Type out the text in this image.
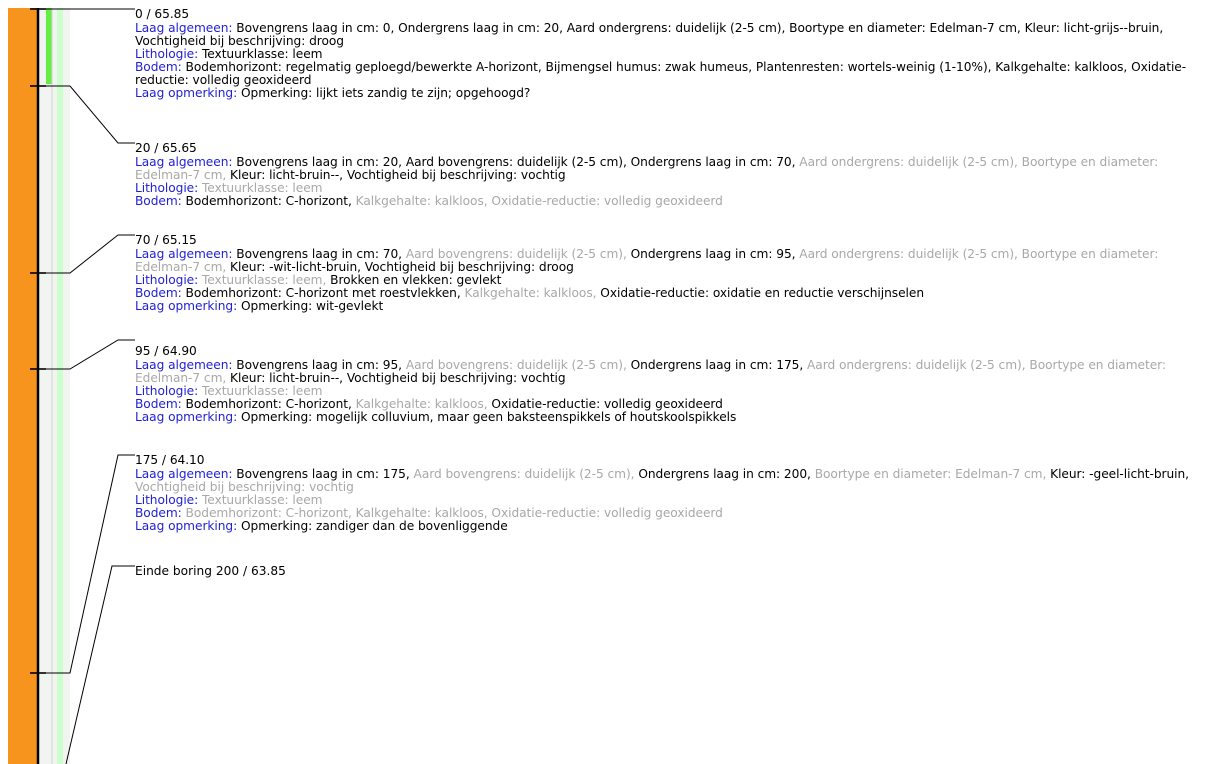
0 / 65.85
Laag algemeen: Bovengrens laag in cm: 0, Ondergrens laag in cm: 20, Aard ondergrens: duidelijk (2-5 cm), Boortype en diameter: Edelman-7 cm, Kleur: licht-grijs--bruin, Vochtigheid bij beschrijving: droog
Lithologie: Textuurklasse: leem
Bodem: Bodemhorizont: regelmatig geploegd/bewerkte A-horizont, Bijmengsel humus: zwak humeus, Plantenresten: wortels-weinig (1-10%), Kalkgehalte: kalkloos, Oxidatie-reductie: volledig geoxideerd
Laag opmerking: Opmerking: lijkt iets zandig te zijn; opgehoogd?
20 / 65.65
Laag algemeen: Bovengrens laag in cm: 20, Aard bovengrens: duidelijk (2-5 cm), Ondergrens laag in cm: 70, Aard ondergrens: duidelijk (2-5 cm), Boortype en diameter: Edelman-7 cm, Kleur: licht-bruin--, Vochtigheid bij beschrijving: vochtig
Lithologie: Textuurklasse: leem
Bodem: Bodemhorizont: C-horizont, Kalkgehalte: kalkloos, Oxidatie-reductie: volledig geoxideerd
70 / 65.15
Laag algemeen: Bovengrens laag in cm: 70, Aard bovengrens: duidelijk (2-5 cm), Ondergrens laag in cm: 95, Aard ondergrens: duidelijk (2-5 cm), Boortype en diameter: Edelman-7 cm, Kleur: -wit-licht-bruin, Vochtigheid bij beschrijving: droog
Lithologie: Textuurklasse: leem, Brokken en vlekken: gevlekt
Bodem: Bodemhorizont: C-horizont met roestvlekken, Kalkgehalte: kalkloos, Oxidatie-reductie: oxidatie en reductie verschijnselen
Laag opmerking: Opmerking: wit-gevlekt
95 / 64.90
Laag algemeen: Bovengrens laag in cm: 95, Aard bovengrens: duidelijk (2-5 cm), Ondergrens laag in cm: 175, Aard ondergrens: duidelijk (2-5 cm), Boortype en diameter: Edelman-7 cm, Kleur: licht-bruin--, Vochtigheid bij beschrijving: vochtig
Lithologie: Textuurklasse: leem
Bodem: Bodemhorizont: C-horizont, Kalkgehalte: kalkloos, Oxidatie-reductie: volledig geoxideerd
Laag opmerking: Opmerking: mogelijk colluvium, maar geen baksteenspikkels of houtskoolspikkels
175 / 64.10
Laag algemeen: Bovengrens laag in cm: 175, Aard bovengrens: duidelijk (2-5 cm), Ondergrens laag in cm: 200, Boortype en diameter: Edelman-7 cm, Kleur: -geel-licht-bruin, Vochtigheid bij beschrijving: vochtig
Lithologie: Textuurklasse: leem
Bodem: Bodemhorizont: C-horizont, Kalkgehalte: kalkloos, Oxidatie-reductie: volledig geoxideerd
Laag opmerking: Opmerking: zandiger dan de bovenliggende
Einde boring 200 / 63.85
